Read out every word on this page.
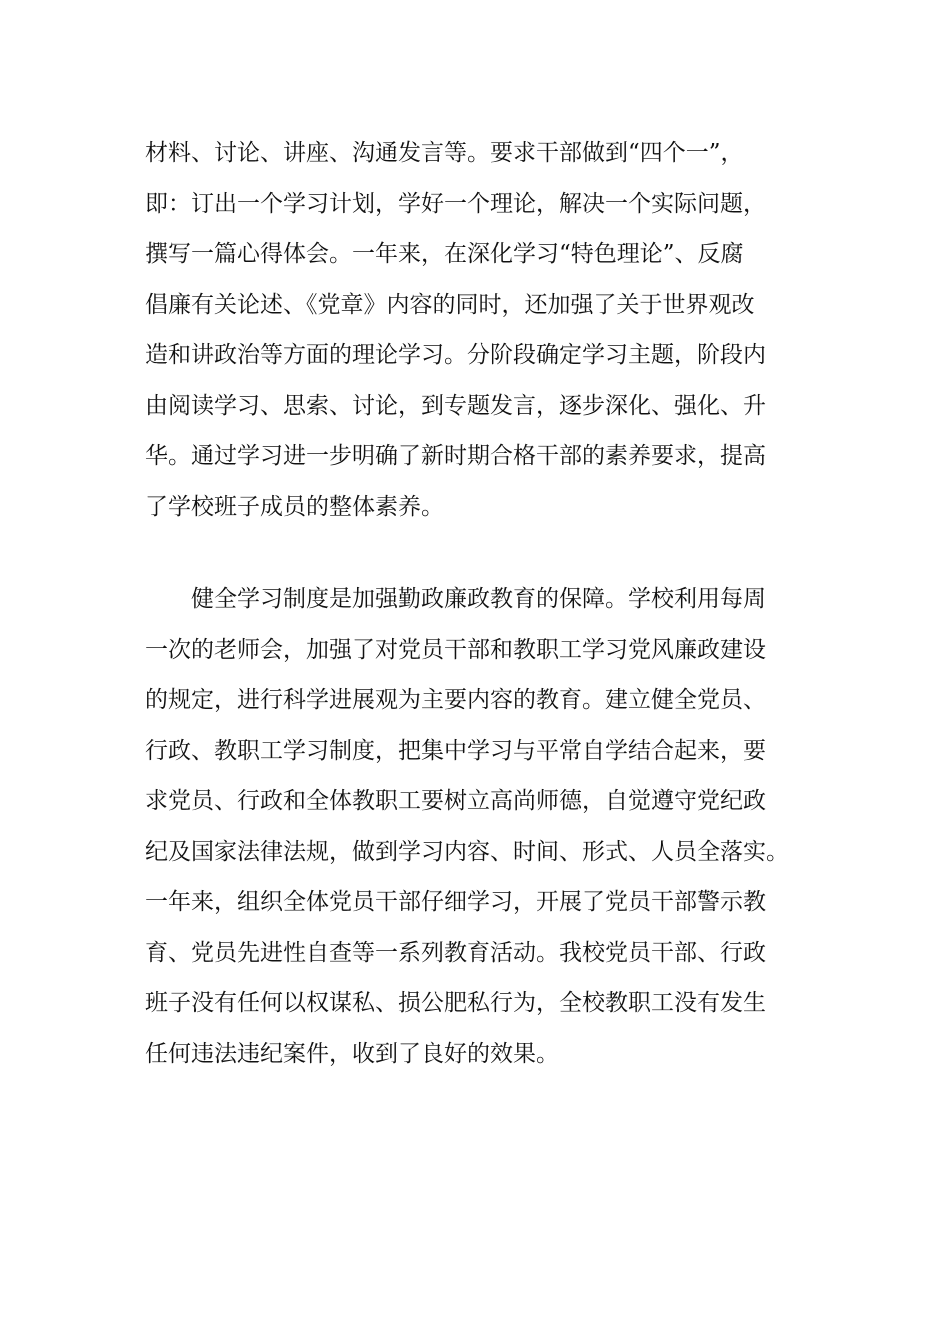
材料、讨论、讲座、沟通发言等。要求干部做到“四个一”，
即：订出一个学习计划，学好一个理论，解决一个实际问题，
撰写一篇心得体会。一年来，在深化学习“特色理论”、反腐
倡廉有关论述、《党章》内容的同时，还加强了关于世界观改
造和讲政治等方面的理论学习。分阶段确定学习主题，阶段内
由阅读学习、思索、讨论，到专题发言，逐步深化、强化、升
华。通过学习进一步明确了新时期合格干部的素养要求，提高
了学校班子成员的整体素养。
　　健全学习制度是加强勤政廉政教育的保障。学校利用每周
一次的老师会，加强了对党员干部和教职工学习党风廉政建设
的规定，进行科学进展观为主要内容的教育。建立健全党员、
行政、教职工学习制度，把集中学习与平常自学结合起来，要
求党员、行政和全体教职工要树立高尚师德，自觉遵守党纪政
纪及国家法律法规，做到学习内容、时间、形式、人员全落实。
一年来，组织全体党员干部仔细学习，开展了党员干部警示教
育、党员先进性自查等一系列教育活动。我校党员干部、行政
班子没有任何以权谋私、损公肥私行为，全校教职工没有发生
任何违法违纪案件，收到了良好的效果。
